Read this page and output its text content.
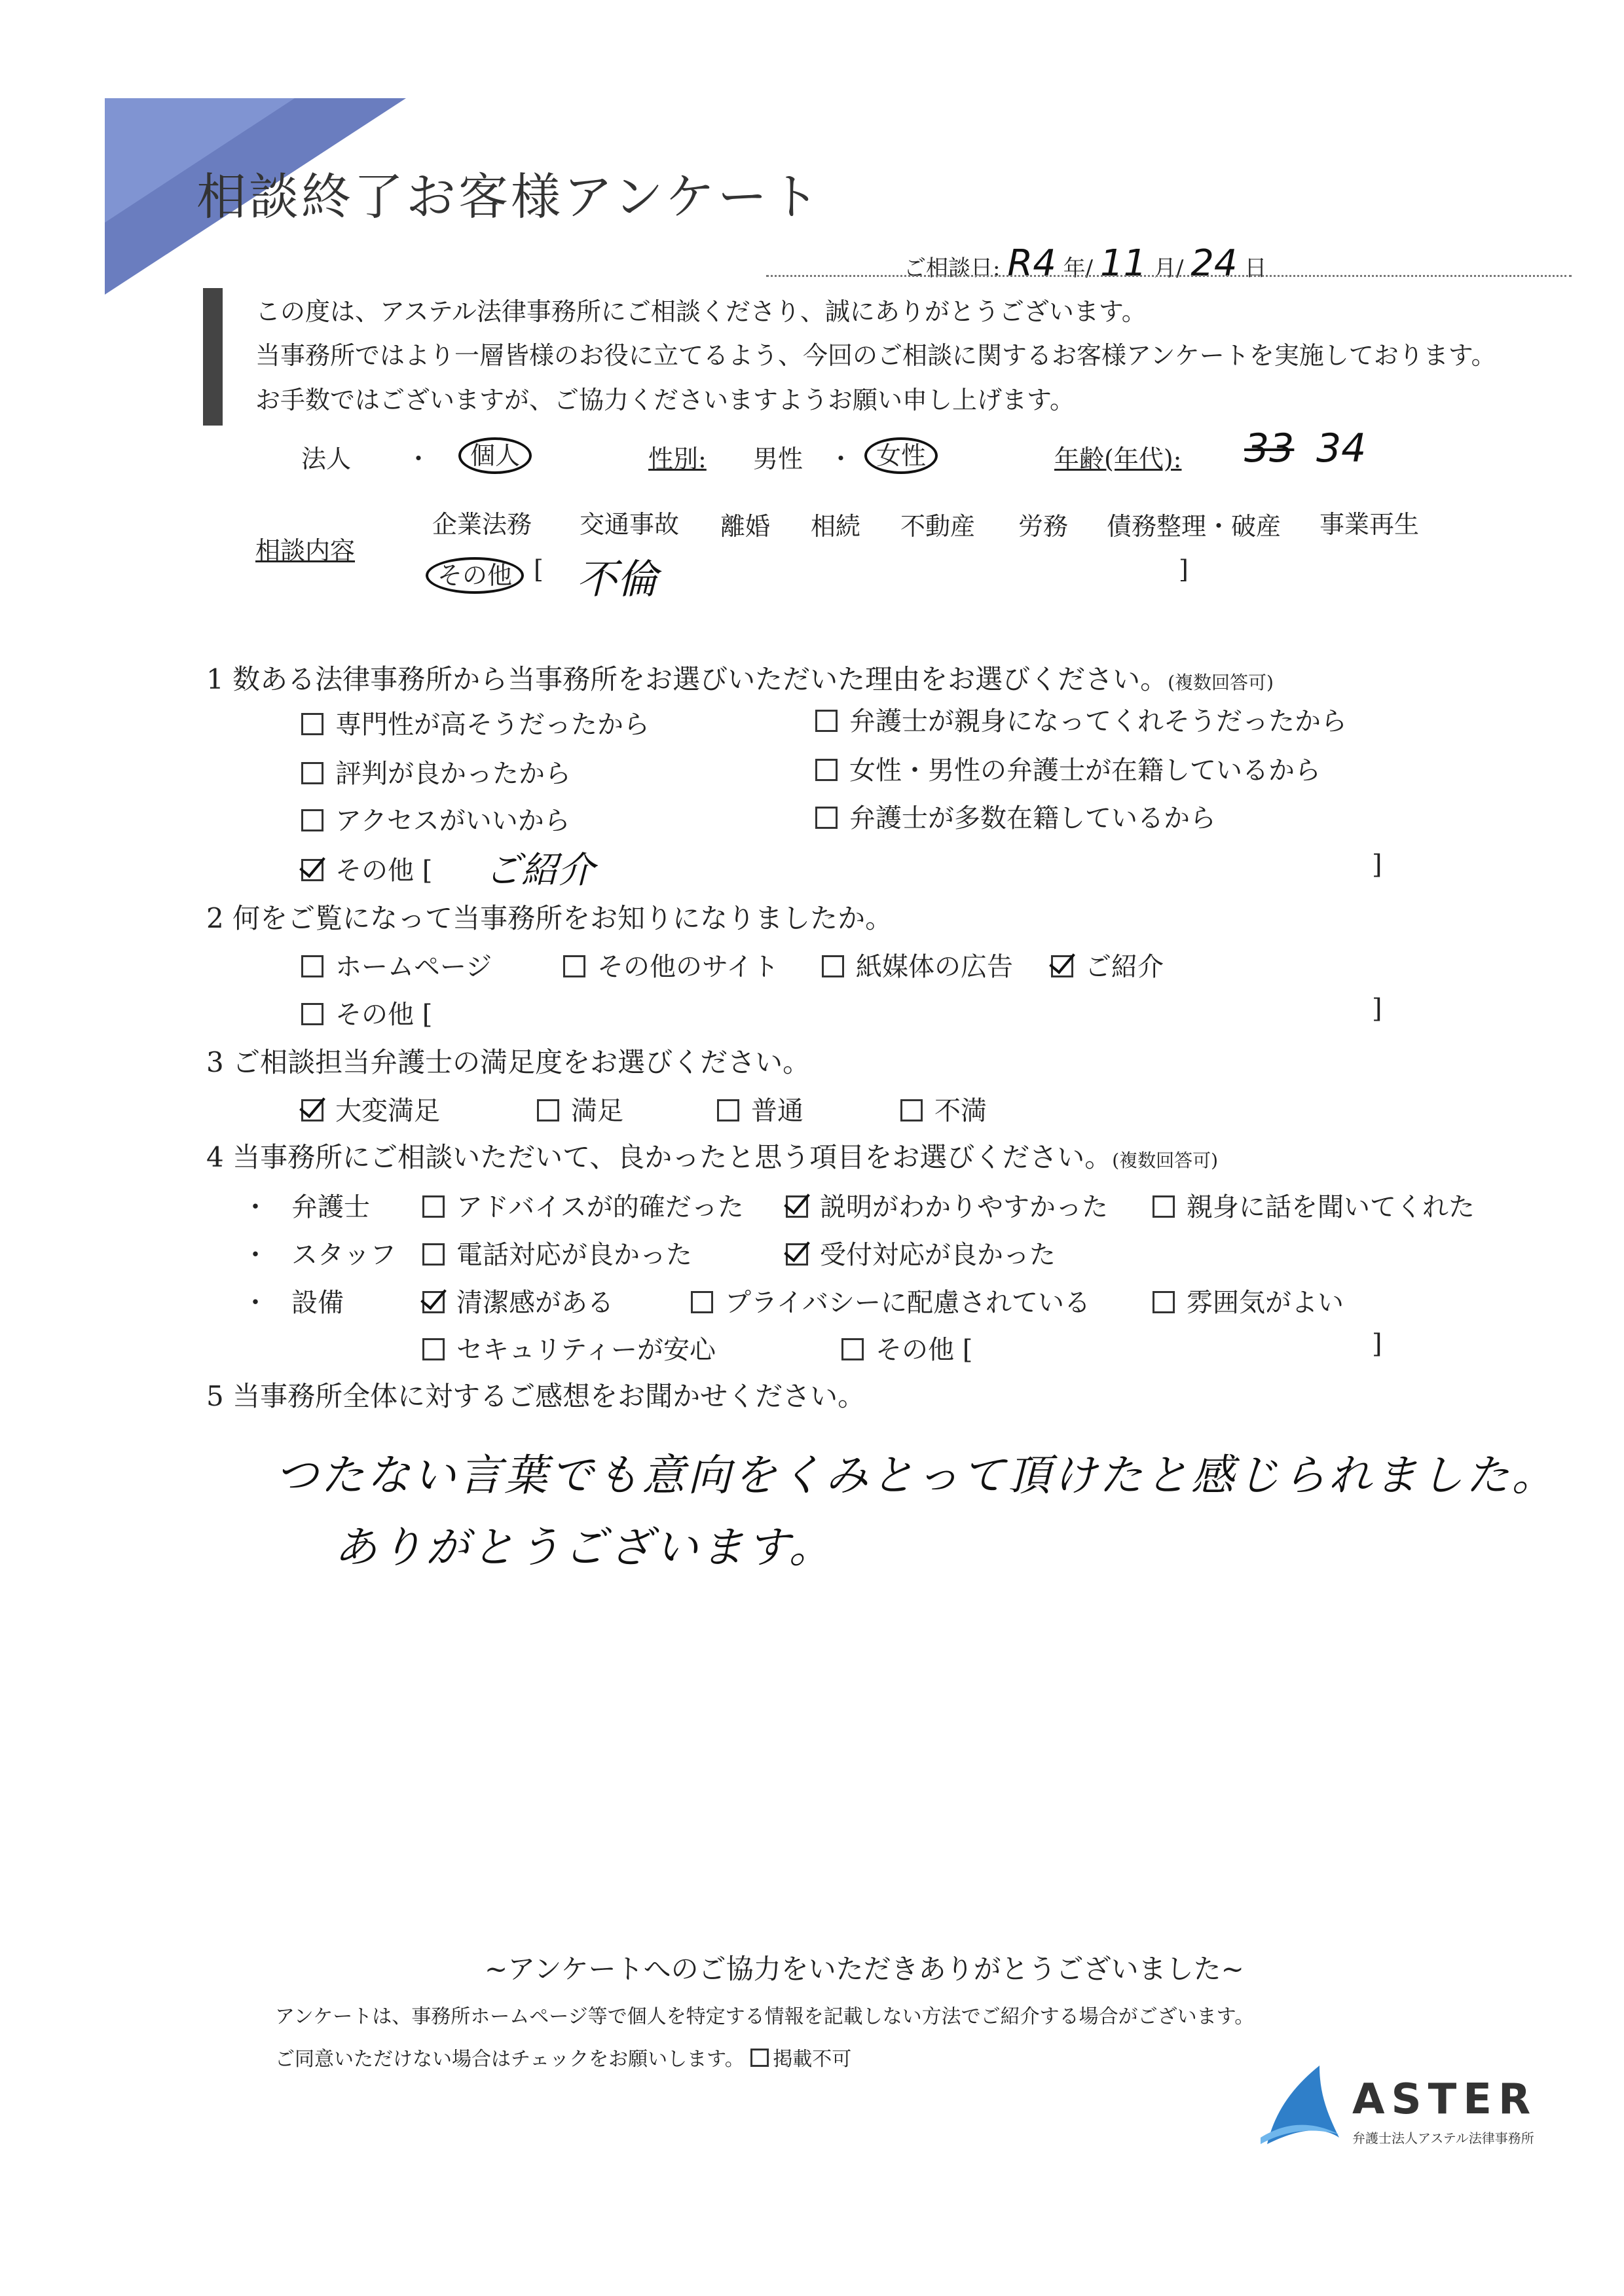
相談終了お客様アンケート
ご相談日: R4 年/ 11 月/ 24 日
この度は、アステル法律事務所にご相談くださり、誠にありがとうございます。
当事務所ではより一層皆様のお役に立てるよう、今回のご相談に関するお客様アンケートを実施しております。
お手数ではございますが、ご協力くださいますようお願い申し上げます。
法人 ・	個人	性別: 男性 ・ 女性	年齢(年代): 33 34
相談内容
企業法務 交通事故 離婚 相続 不動産 労務 債務整理・破産 事業再生
その他 [ 不倫	]
1 数ある法律事務所から当事務所をお選びいただいた理由をお選びください。(複数回答可)
専門性が高そうだったから	弁護士が親身になってくれそうだったから
評判が良かったから	女性・男性の弁護士が在籍しているから
アクセスがいいから	弁護士が多数在籍しているから
その他 [ ご紹介	]
2 何をご覧になって当事務所をお知りになりましたか。
ホームページ	その他のサイト	紙媒体の広告	ご紹介
その他 [	]
3 ご相談担当弁護士の満足度をお選びください。
大変満足	満足	普通	不満
4 当事務所にご相談いただいて、良かったと思う項目をお選びください。(複数回答可)
・ 弁護士	アドバイスが的確だった	説明がわかりやすかった	親身に話を聞いてくれた
・ スタッフ	電話対応が良かった	受付対応が良かった
・ 設備	清潔感がある	プライバシーに配慮されている	雰囲気がよい
セキュリティーが安心	その他 [	]
5 当事務所全体に対するご感想をお聞かせください。
つたない言葉でも意向をくみとって頂けたと感じられました。
ありがとうございます。
~アンケートへのご協力をいただきありがとうございました~
アンケートは、事務所ホームページ等で個人を特定する情報を記載しない方法でご紹介する場合がございます。
ご同意いただけない場合はチェックをお願いします。 掲載不可
ASTER
弁護士法人アステル法律事務所
